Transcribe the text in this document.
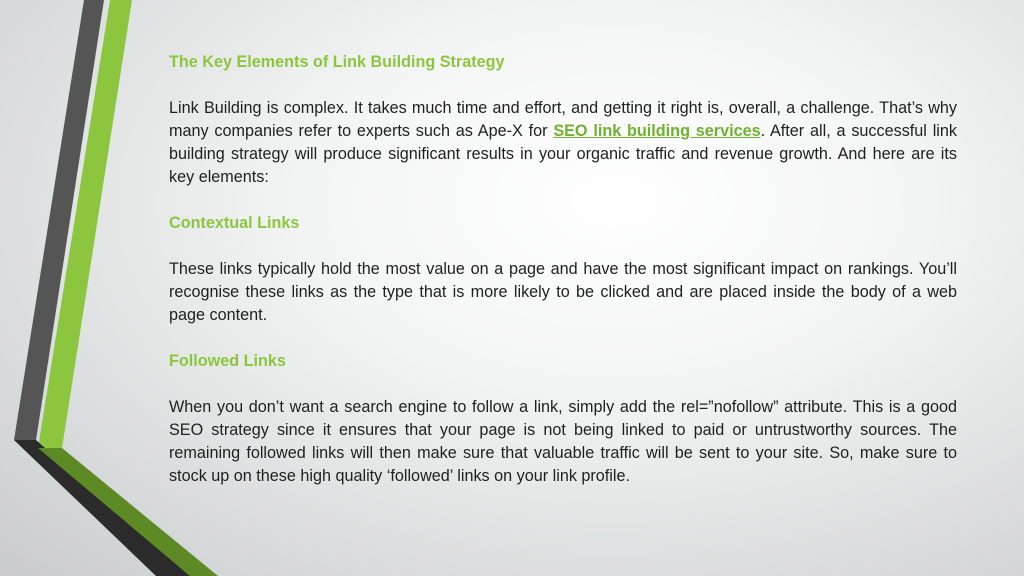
The Key Elements of Link Building Strategy

Link Building is complex. It takes much time and effort, and getting it right is, overall, a challenge. That’s why many companies refer to experts such as Ape-X for SEO link building services. After all, a successful link building strategy will produce significant results in your organic traffic and revenue growth. And here are its key elements:

Contextual Links

These links typically hold the most value on a page and have the most significant impact on rankings. You’ll recognise these links as the type that is more likely to be clicked and are placed inside the body of a web page content.

Followed Links

When you don’t want a search engine to follow a link, simply add the rel=”nofollow” attribute. This is a good SEO strategy since it ensures that your page is not being linked to paid or untrustworthy sources. The remaining followed links will then make sure that valuable traffic will be sent to your site. So, make sure to stock up on these high quality ‘followed’ links on your link profile.
